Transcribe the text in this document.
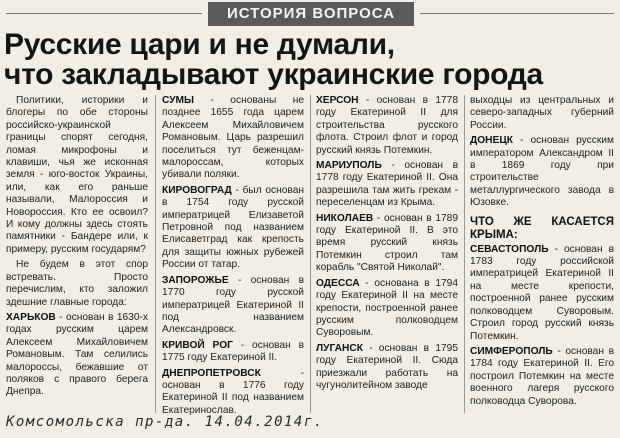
ИСТОРИЯ ВОПРОСА
Русские цари и не думали,
что закладывают украинские города

Политики, историки и блогеры по обе стороны российско-украинской границы спорят сегодня, ломая микрофоны и клавиши, чья же исконная земля - юго-восток Украины, или, как его раньше называли, Малороссия и Новороссия. Кто ее освоил? И кому должны здесь стоять памятники - Бандере или, к примеру, русским государям?

Не будем в этот спор встревать. Просто перечислим, кто заложил здешние главные города:

ХАРЬКОВ - основан в 1630-х годах русским царем Алексеем Михайловичем Романовым. Там селились малороссы, бежавшие от поляков с правого берега Днепра.

СУМЫ - основаны не позднее 1655 года царем Алексеем Михайловичем Романовым. Царь разрешил поселиться тут беженцам-малороссам, которых убивали поляки.

КИРОВОГРАД - был основан в 1754 году русской императрицей Елизаветой Петровной под названием Елисаветград как крепость для защиты южных рубежей России от татар.

ЗАПОРОЖЬЕ - основан в 1770 году русской императрицей Екатериной II под названием Александровск.

КРИВОЙ РОГ - основан в 1775 году Екатериной II.

ДНЕПРОПЕТРОВСК - основан в 1776 году Екатериной II под названием Екатеринослав.

ХЕРСОН - основан в 1778 году Екатериной II для строительства русского флота. Строил флот и город русский князь Потемкин.

МАРИУПОЛЬ - основан в 1778 году Екатериной II. Она разрешила там жить грекам - переселенцам из Крыма.

НИКОЛАЕВ - основан в 1789 году Екатериной II. В это время русский князь Потемкин строил там корабль "Святой Николай".

ОДЕССА - основана в 1794 году Екатериной II на месте крепости, построенной ранее русским полководцем Суворовым.

ЛУГАНСК - основан в 1795 году Екатериной II. Сюда приезжали работать на чугунолитейном заводе

выходцы из центральных и северо-западных губерний России.

ДОНЕЦК - основан русским императором Александром II в 1869 году при строительстве металлургического завода в Юзовке.

ЧТО ЖЕ КАСАЕТСЯ КРЫМА:

СЕВАСТОПОЛЬ - основан в 1783 году российской императрицей Екатериной II на месте крепости, построенной ранее русским полководцем Суворовым. Строил город русский князь Потемкин.

СИМФЕРОПОЛЬ - основан в 1784 году Екатериной II. Его построил Потемкин на месте военного лагеря русского полководца Суворова.

Комсомольска пр-да. 14.04.2014г.
